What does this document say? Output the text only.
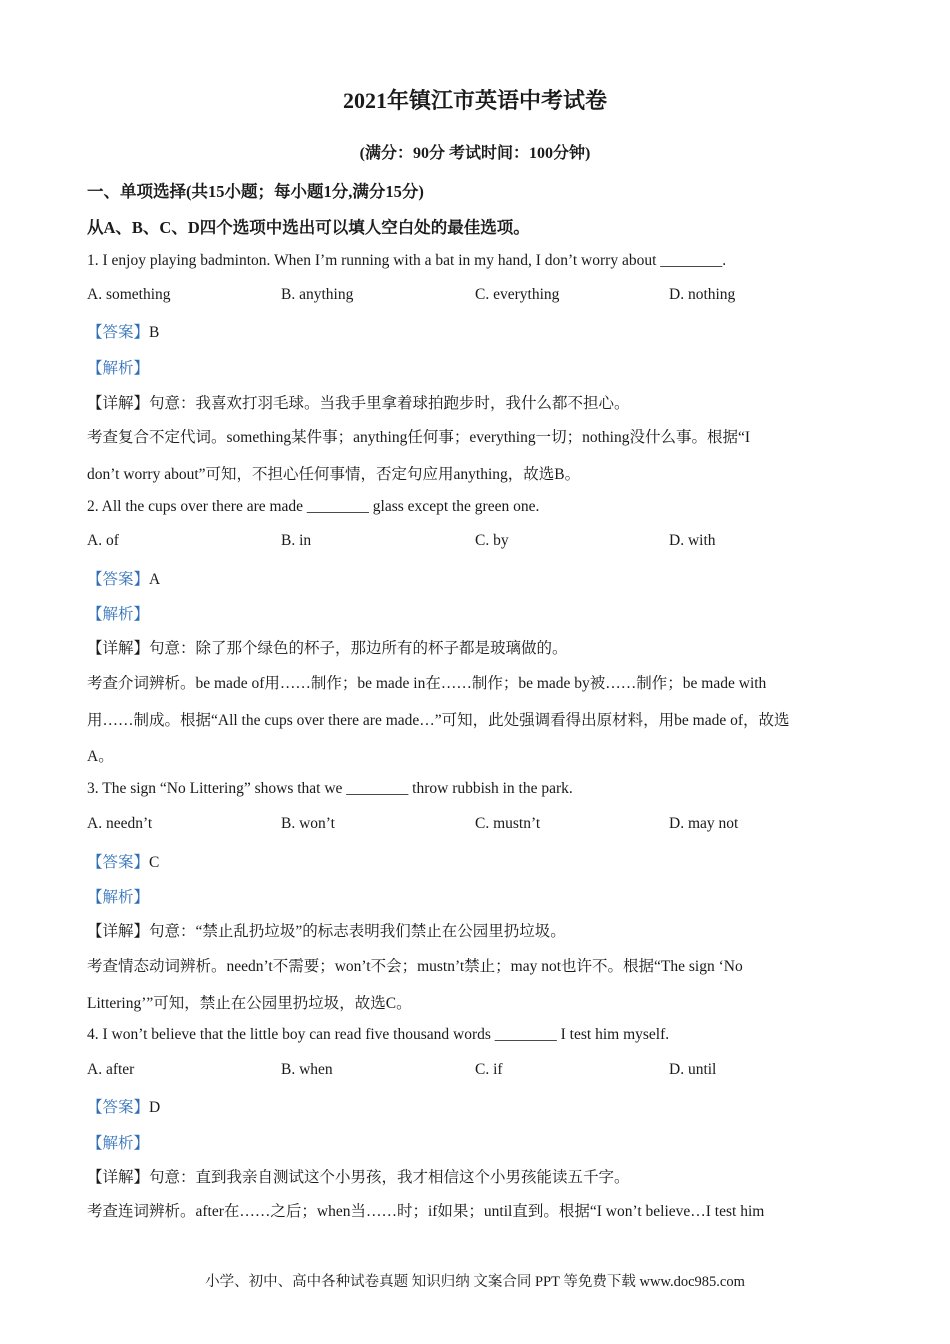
2021年镇江市英语中考试卷
(满分：90分 考试时间：100分钟)
一、单项选择(共15小题；每小题1分,满分15分)
从A、B、C、D四个选项中选出可以填人空白处的最佳选项。
1. I enjoy playing badminton. When I’m running with a bat in my hand, I don’t worry about ________.
A. something	B. anything	C. everything	D. nothing
【答案】B
【解析】
【详解】句意：我喜欢打羽毛球。当我手里拿着球拍跑步时，我什么都不担心。
考查复合不定代词。something某件事；anything任何事；everything一切；nothing没什么事。根据“I
don’t worry about”可知，不担心任何事情，否定句应用anything，故选B。
2. All the cups over there are made ________ glass except the green one.
A. of	B. in	C. by	D. with
【答案】A
【解析】
【详解】句意：除了那个绿色的杯子，那边所有的杯子都是玻璃做的。
考查介词辨析。be made of用……制作；be made in在……制作；be made by被……制作；be made with
用……制成。根据“All the cups over there are made…”可知，此处强调看得出原材料，用be made of，故选
A。
3. The sign “No Littering” shows that we ________ throw rubbish in the park.
A. needn’t	B. won’t	C. mustn’t	D. may not
【答案】C
【解析】
【详解】句意：“禁止乱扔垃圾”的标志表明我们禁止在公园里扔垃圾。
考查情态动词辨析。needn’t不需要；won’t不会；mustn’t禁止；may not也许不。根据“The sign ‘No
Littering’”可知，禁止在公园里扔垃圾，故选C。
4. I won’t believe that the little boy can read five thousand words ________ I test him myself.
A. after	B. when	C. if	D. until
【答案】D
【解析】
【详解】句意：直到我亲自测试这个小男孩，我才相信这个小男孩能读五千字。
考查连词辨析。after在……之后；when当……时；if如果；until直到。根据“I won’t believe…I test him
小学、初中、高中各种试卷真题 知识归纳 文案合同 PPT 等免费下载 www.doc985.com
